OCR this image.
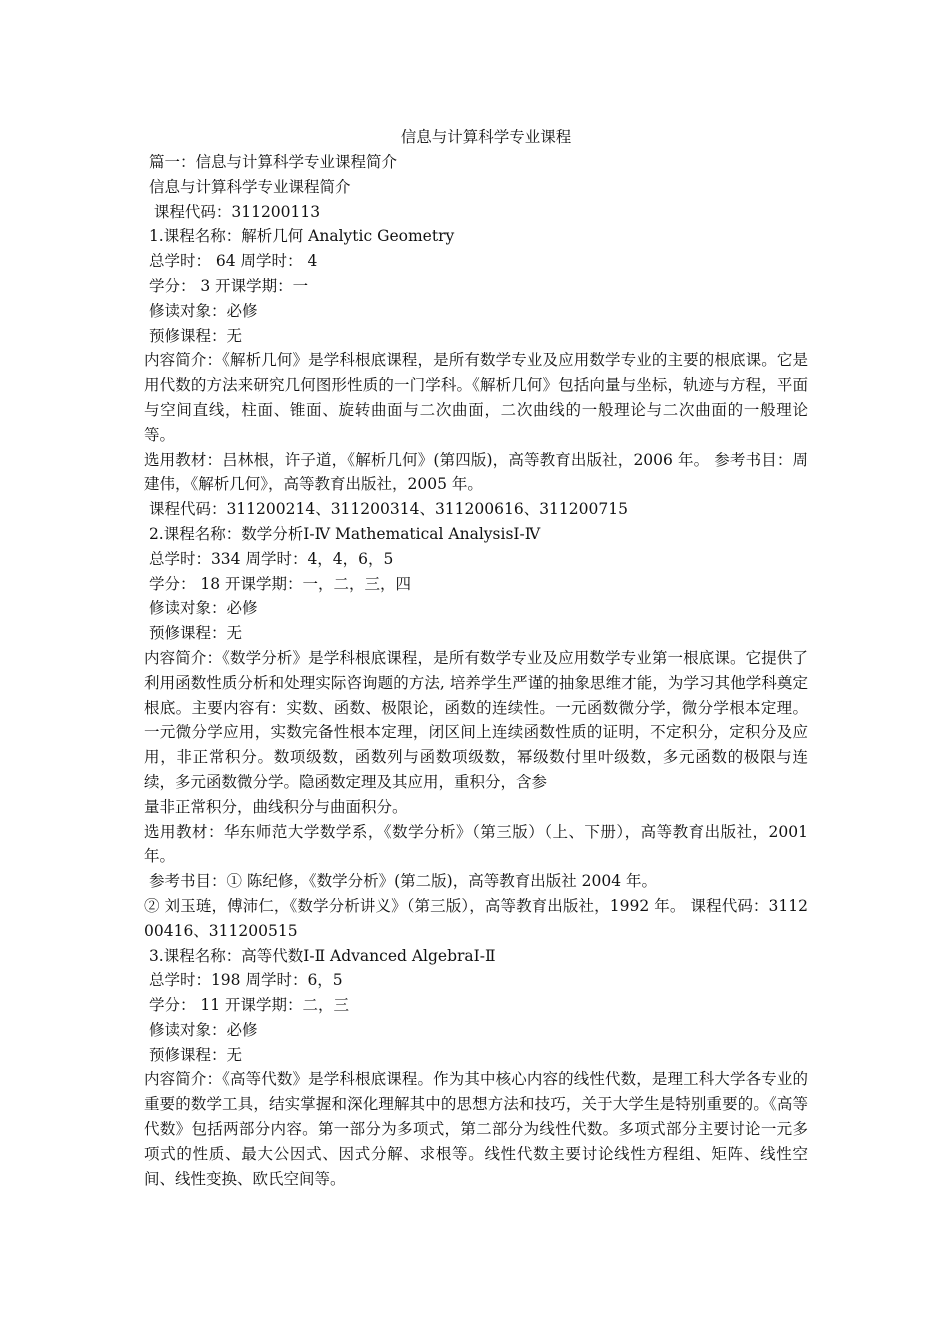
信息与计算科学专业课程
篇一：信息与计算科学专业课程简介
信息与计算科学专业课程简介
课程代码：311200113
1.课程名称：解析几何 Analytic Geometry
总学时： 64 周学时： 4
学分： 3 开课学期：一
修读对象：必修
预修课程：无
内容简介：《解析几何》是学科根底课程，是所有数学专业及应用数学专业的主要的根底课。它是用代数的方法来研究几何图形性质的一门学科。《解析几何》包括向量与坐标，轨迹与方程，平面与空间直线，柱面、锥面、旋转曲面与二次曲面，二次曲线的一般理论与二次曲面的一般理论等。
选用教材：吕林根，许子道，《解析几何》(第四版)，高等教育出版社，2006 年。 参考书目：周建伟，《解析几何》，高等教育出版社，2005 年。
课程代码：311200214、311200314、311200616、311200715
2.课程名称：数学分析Ⅰ-Ⅳ Mathematical AnalysisⅠ-Ⅳ
总学时：334 周学时：4，4，6，5
学分： 18 开课学期：一，二，三，四
修读对象：必修
预修课程：无
内容简介：《数学分析》是学科根底课程，是所有数学专业及应用数学专业第一根底课。它提供了利用函数性质分析和处理实际咨询题的方法, 培养学生严谨的抽象思维才能，为学习其他学科奠定根底。主要内容有：实数、函数、极限论，函数的连续性。一元函数微分学，微分学根本定理。一元微分学应用，实数完备性根本定理，闭区间上连续函数性质的证明，不定积分，定积分及应用，非正常积分。数项级数，函数列与函数项级数，幂级数付里叶级数，多元函数的极限与连续，多元函数微分学。隐函数定理及其应用，重积分，含参
量非正常积分，曲线积分与曲面积分。
选用教材：华东师范大学数学系，《数学分析》（第三版）（上、下册），高等教育出版社，2001 年。
参考书目：① 陈纪修，《数学分析》(第二版)，高等教育出版社 2004 年。
② 刘玉琏，傅沛仁，《数学分析讲义》（第三版），高等教育出版社，1992 年。 课程代码：311200416、311200515
3.课程名称：高等代数Ⅰ-Ⅱ Advanced AlgebraⅠ-Ⅱ
总学时：198 周学时：6，5
学分： 11 开课学期：二，三
修读对象：必修
预修课程：无
内容简介：《高等代数》是学科根底课程。作为其中核心内容的线性代数，是理工科大学各专业的重要的数学工具，结实掌握和深化理解其中的思想方法和技巧，关于大学生是特别重要的。《高等代数》包括两部分内容。第一部分为多项式，第二部分为线性代数。多项式部分主要讨论一元多项式的性质、最大公因式、因式分解、求根等。线性代数主要讨论线性方程组、矩阵、线性空间、线性变换、欧氏空间等。
